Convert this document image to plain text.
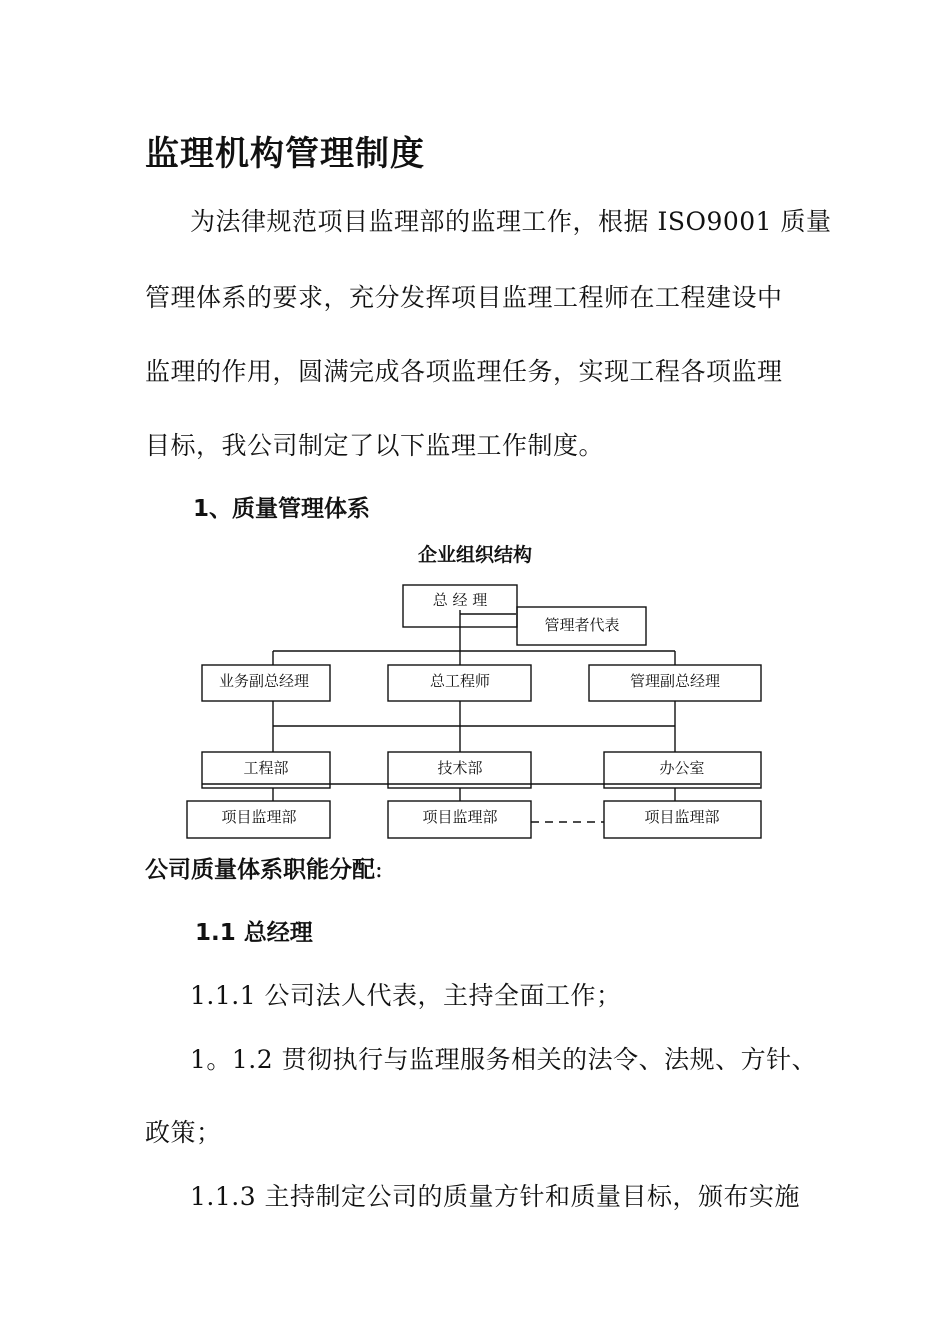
监理机构管理制度
为法律规范项目监理部的监理工作，根据 ISO9001 质量
管理体系的要求，充分发挥项目监理工程师在工程建设中
监理的作用，圆满完成各项监理任务，实现工程各项监理
目标，我公司制定了以下监理工作制度。
1、质量管理体系
企业组织结构
总 经 理
管理者代表
业务副总经理	总工程师	管理副总经理
工程部	技术部	办公室
项目监理部	项目监理部	项目监理部
公司质量体系职能分配:
1.1 总经理
1.1.1 公司法人代表，主持全面工作；
1。1.2 贯彻执行与监理服务相关的法令、法规、方针、
政策；
1.1.3 主持制定公司的质量方针和质量目标，颁布实施
